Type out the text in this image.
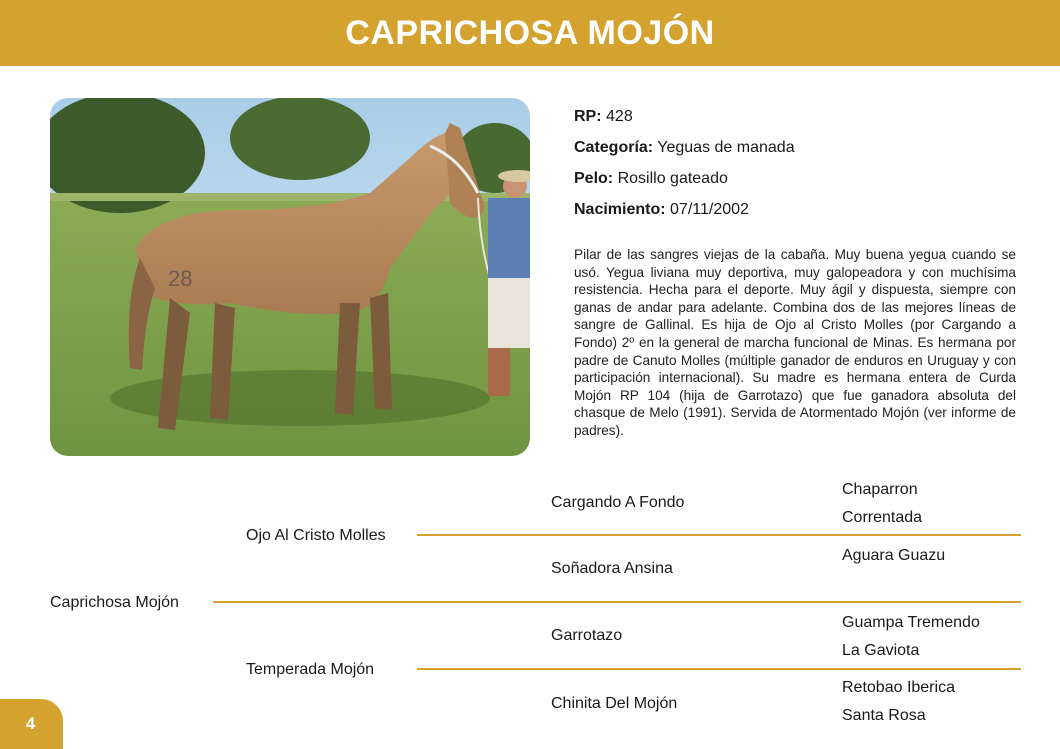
CAPRICHOSA MOJÓN
28
RP: 428
Categoría: Yeguas de manada
Pelo: Rosillo gateado
Nacimiento: 07/11/2002
Pilar de las sangres viejas de la cabaña. Muy buena yegua cuando se usó. Yegua liviana muy deportiva, muy galopeadora y con muchísima resistencia. Hecha para el deporte. Muy ágil y dispuesta, siempre con ganas de andar para adelante. Combina dos de las mejores líneas de sangre de Gallinal. Es hija de Ojo al Cristo Molles (por Cargando a Fondo) 2º en la general de marcha funcional de Minas. Es hermana por padre de Canuto Molles (múltiple ganador de enduros en Uruguay y con participación internacional). Su madre es hermana entera de Curda Mojón RP 104 (hija de Garrotazo) que fue ganadora absoluta del chasque de Melo (1991). Servida de Atormentado Mojón (ver informe de padres).
Caprichosa Mojón
Ojo Al Cristo Molles
Temperada Mojón
Cargando A Fondo
Soñadora Ansina
Garrotazo
Chinita Del Mojón
Chaparron
Correntada
Aguara Guazu
Guampa Tremendo
La Gaviota
Retobao Iberica
Santa Rosa
4
